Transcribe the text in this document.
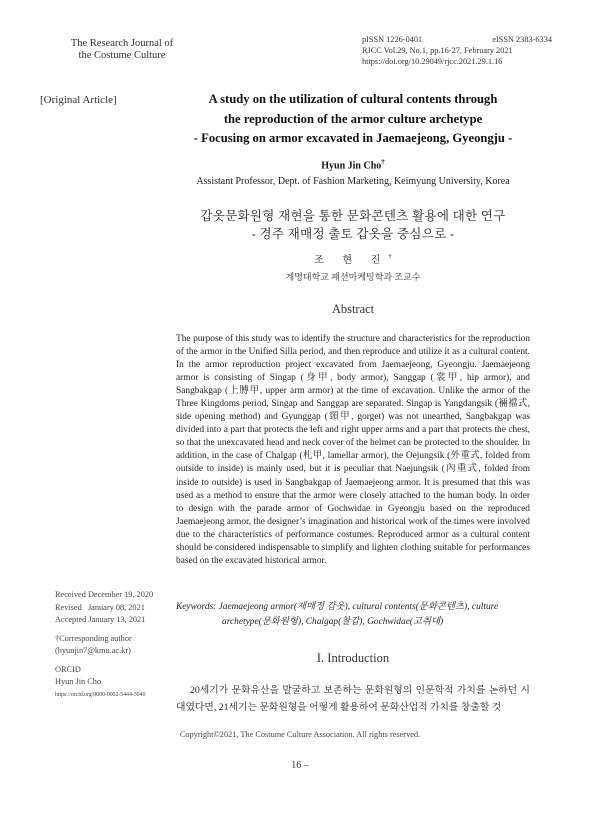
The Research Journal of
the Costume Culture
pISSN 1226-0401	eISSN 2383-6334
RJCC Vol.29, No.1, pp.16-27, February 2021
https://doi.org/10.29049/rjcc.2021.29.1.16
[Original Article]	A study on the utilization of cultural contents through
the reproduction of the armor culture archetype
- Focusing on armor excavated in Jaemaejeong, Gyeongju -
Hyun Jin Cho†
Assistant Professor, Dept. of Fashion Marketing, Keimyung University, Korea
갑옷문화원형 재현을 통한 문화콘텐츠 활용에 대한 연구
- 경주 재매정 출토 갑옷을 중심으로 -
조 현 진†
계명대학교 패션마케팅학과 조교수
Abstract

The purpose of this study was to identify the structure and characteristics for the reproduction of the armor in the Unified Silla period, and then reproduce and utilize it as a cultural content. In the armor reproduction project excavated from Jaemaejeong, Gyeongju. Jaemaejeong armor is consisting of Singap (身甲, body armor), Sanggap (裳甲, hip armor), and Sangbakgap (上膊甲, upper arm armor) at the time of excavation. Unlike the armor of the Three Kingdoms period, Singap and Sanggap are separated. Singap is Yangdangsik (裲襠式, side opening method) and Gyunggap (頸甲, gorget) was not unearthed, Sangbakgap was divided into a part that protects the left and right upper arms and a part that protects the chest, so that the unexcavated head and neck cover of the helmet can be protected to the shoulder. In addition, in the case of Chalgap (札甲, lamellar armor), the Oejungsik (外重式, folded from outside to inside) is mainly used, but it is peculiar that Naejungsik (內重式, folded from inside to outside) is used in Sangbakgap of Jaemaejeong armor. It is presumed that this was used as a method to ensure that the armor were closely attached to the human body. In order to design with the parade armor of Gochwidae in Gyeongju based on the reproduced Jaemaejeong armor, the designer’s imagination and historical work of the times were involved due to the characteristics of performance costumes. Reproduced armor as a cultural content should be considered indispensable to simplify and lighten clothing suitable for performances based on the excavated historical armor.

Received December 19, 2020
Revised   January 08, 2021
Accepted January 13, 2021
†Corresponding author
(hyunjin7@kmu.ac.kr)
ORCID
Hyun Jin Cho
https://orcid.org/0000-0002-5444-3940
Keywords: Jaemaejeong armor(재매정 갑옷), cultural contents(문화콘텐츠), culture
archetype(문화원형), Chalgap(찰갑), Gochwidae(고취대)
I. Introduction
20세기가 문화유산을 발굴하고 보존하는 문화원형의 인문학적 가치를 논하던 시대였다면, 21세기는 문화원형을 어떻게 활용하여 문화산업적 가치를 창출할 것
Copyright©2021, The Costume Culture Association. All rights reserved.
16 –
